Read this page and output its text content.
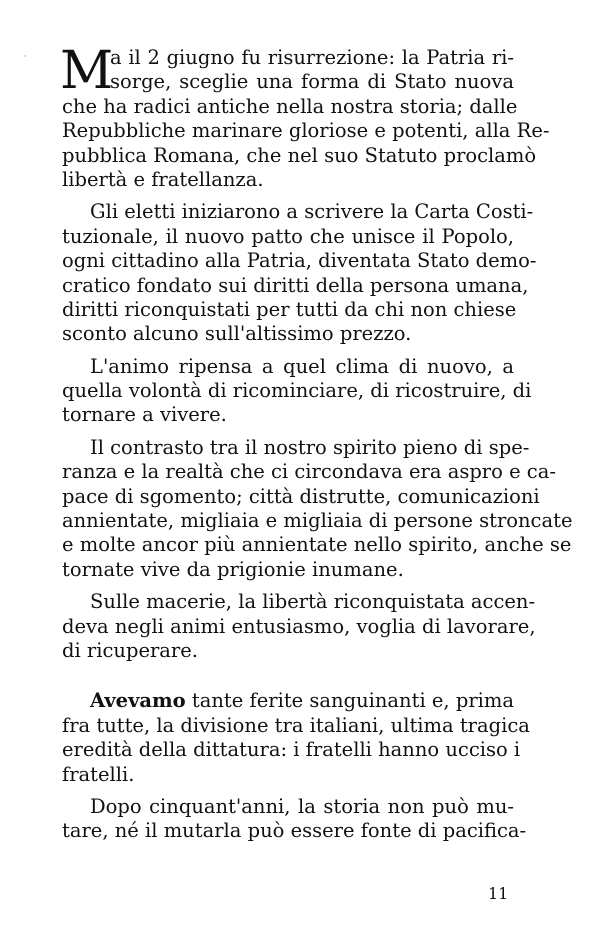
· M
a il 2 giugno fu risurrezione: la Patria ri-
sorge, sceglie una forma di Stato nuova
che ha radici antiche nella nostra storia; dalle
Repubbliche marinare gloriose e potenti, alla Re-
pubblica Romana, che nel suo Statuto proclamò
libertà e fratellanza.
Gli eletti iniziarono a scrivere la Carta Costi-
tuzionale, il nuovo patto che unisce il Popolo,
ogni cittadino alla Patria, diventata Stato demo-
cratico fondato sui diritti della persona umana,
diritti riconquistati per tutti da chi non chiese
sconto alcuno sull'altissimo prezzo.
L'animo ripensa a quel clima di nuovo, a
quella volontà di ricominciare, di ricostruire, di
tornare a vivere.
Il contrasto tra il nostro spirito pieno di spe-
ranza e la realtà che ci circondava era aspro e ca-
pace di sgomento; città distrutte, comunicazioni
annientate, migliaia e migliaia di persone stroncate
e molte ancor più annientate nello spirito, anche se
tornate vive da prigionie inumane.
Sulle macerie, la libertà riconquistata accen-
deva negli animi entusiasmo, voglia di lavorare,
di ricuperare.
Avevamo tante ferite sanguinanti e, prima
fra tutte, la divisione tra italiani, ultima tragica
eredità della dittatura: i fratelli hanno ucciso i
fratelli.
Dopo cinquant'anni, la storia non può mu-
tare, né il mutarla può essere fonte di pacifica-
11
